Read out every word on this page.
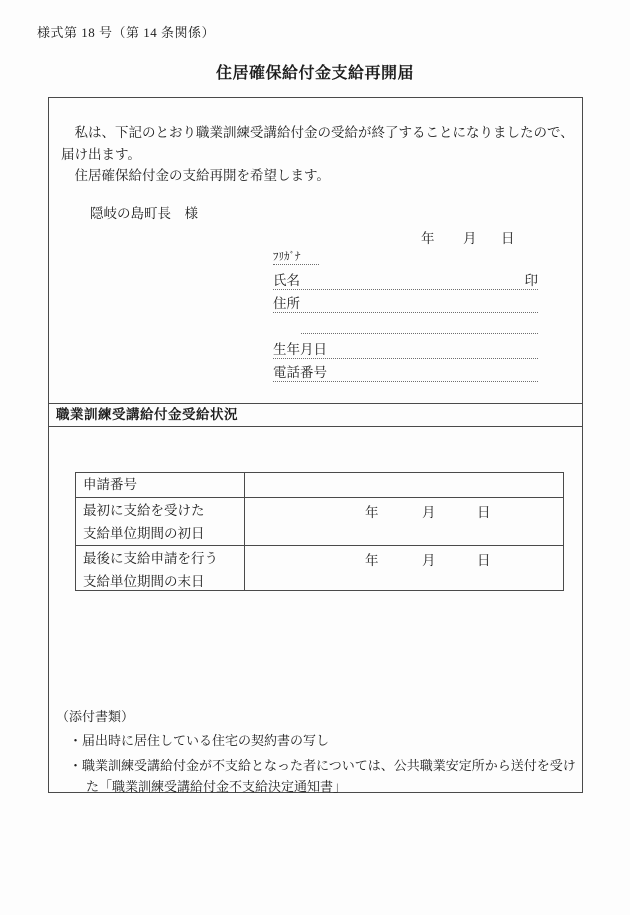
様式第 18 号（第 14 条関係）
住居確保給付金支給再開届
　私は、下記のとおり職業訓練受講給付金の受給が終了することになりましたので、
届け出ます。
　住居確保給付金の支給再開を希望します。
隠岐の島町長　様
年 月 日
ﾌﾘｶﾞﾅ
氏名	印
住所
生年月日
電話番号
職業訓練受講給付金受給状況
申請番号
最初に支給を受けた
支給単位期間の初日
年	月	日
最後に支給申請を行う
支給単位期間の末日
年	月	日
（添付書類）
・届出時に居住している住宅の契約書の写し
・職業訓練受講給付金が不支給となった者については、公共職業安定所から送付を受け
た「職業訓練受講給付金不支給決定通知書」
